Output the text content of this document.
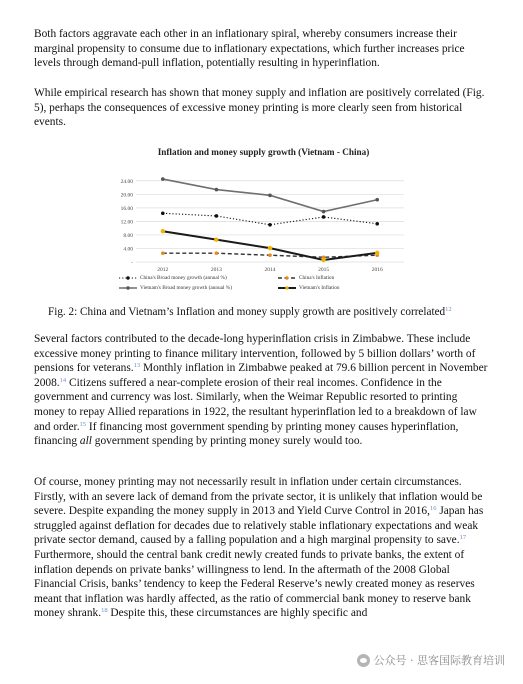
Both factors aggravate each other in an inflationary spiral, whereby consumers increase their marginal propensity to consume due to inflationary expectations, which further increases price levels through demand-pull inflation, potentially resulting in hyperinflation.

While empirical research has shown that money supply and inflation are positively correlated (Fig. 5), perhaps the consequences of excessive money printing is more clearly seen from historical events.

24.00
20.00
16.00
12.00
8.00
4.00
-
2012	2013	2014	2015	2016
Inflation and money supply growth (Vietnam - China)
China's Broad money growth (annual %)	China's Inflation
Vietnam's Broad money growth (annual %)	Vietnam's Inflation

Fig. 2: China and Vietnam’s Inflation and money supply growth are positively correlated$^{12}$

Several factors contributed to the decade-long hyperinflation crisis in Zimbabwe. These include excessive money printing to finance military intervention, followed by 5 billion dollars’ worth of pensions for veterans.$^{13}$ Monthly inflation in Zimbabwe peaked at 79.6 billion percent in November 2008.14 Citizens suffered a near-complete erosion of their real incomes. Confidence in the government and currency was lost. Similarly, when the Weimar Republic resorted to printing money to repay Allied reparations in 1922, the resultant hyperinflation led to a breakdown of law and order.$^{15}$ If financing most government spending by printing money causes hyperinflation, financing all government spending by printing money surely would too.

Of course, money printing may not necessarily result in inflation under certain circumstances. Firstly, with an severe lack of demand from the private sector, it is unlikely that inflation would be severe. Despite expanding the money supply in 2013 and Yield Curve Control in 2016,16 Japan has struggled against deflation for decades due to relatively stable inflationary expectations and weak private sector demand, caused by a falling population and a high marginal propensity to save.$^{17}$ Furthermore, should the central bank credit newly created funds to private banks, the extent of inflation depends on private banks’ willingness to lend. In the aftermath of the 2008 Global Financial Crisis, banks’ tendency to keep the Federal Reserve’s newly created money as reserves meant that inflation was hardly affected, as the ratio of commercial bank money to reserve bank money shrank.$^{18}$ Despite this, these circumstances are highly specific and

公众号 · 思客国际教育培训
